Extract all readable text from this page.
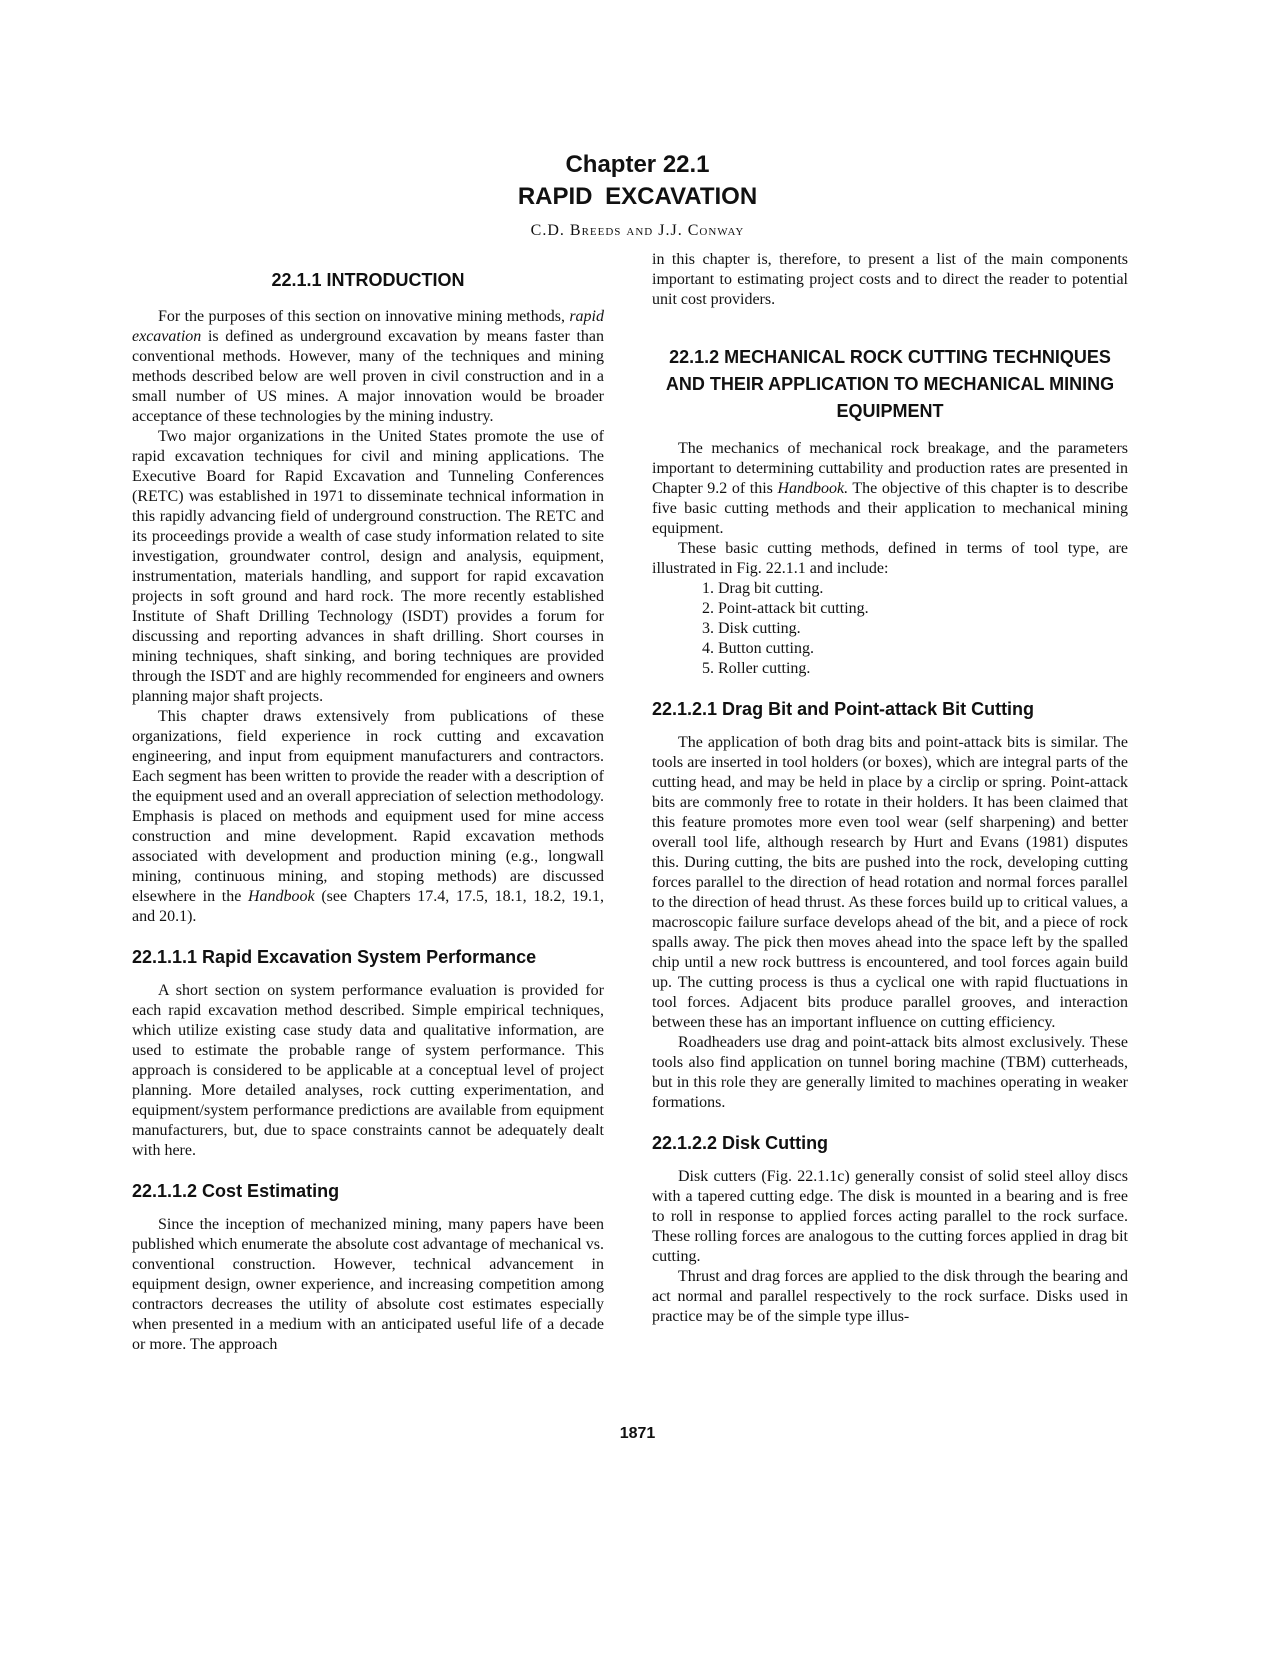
Chapter 22.1
RAPID EXCAVATION
C.D. Breeds and J.J. Conway
22.1.1 INTRODUCTION

For the purposes of this section on innovative mining methods, rapid excavation is defined as underground excavation by means faster than conventional methods. However, many of the techniques and mining methods described below are well proven in civil construction and in a small number of US mines. A major innovation would be broader acceptance of these technologies by the mining industry.

Two major organizations in the United States promote the use of rapid excavation techniques for civil and mining applications. The Executive Board for Rapid Excavation and Tunneling Conferences (RETC) was established in 1971 to disseminate technical information in this rapidly advancing field of underground construction. The RETC and its proceedings provide a wealth of case study information related to site investigation, groundwater control, design and analysis, equipment, instrumentation, materials handling, and support for rapid excavation projects in soft ground and hard rock. The more recently established Institute of Shaft Drilling Technology (ISDT) provides a forum for discussing and reporting advances in shaft drilling. Short courses in mining techniques, shaft sinking, and boring techniques are provided through the ISDT and are highly recommended for engineers and owners planning major shaft projects.

This chapter draws extensively from publications of these organizations, field experience in rock cutting and excavation engineering, and input from equipment manufacturers and contractors. Each segment has been written to provide the reader with a description of the equipment used and an overall appreciation of selection methodology. Emphasis is placed on methods and equipment used for mine access construction and mine development. Rapid excavation methods associated with development and production mining (e.g., longwall mining, continuous mining, and stoping methods) are discussed elsewhere in the Handbook (see Chapters 17.4, 17.5, 18.1, 18.2, 19.1, and 20.1).

22.1.1.1 Rapid Excavation System Performance

A short section on system performance evaluation is provided for each rapid excavation method described. Simple empirical techniques, which utilize existing case study data and qualitative information, are used to estimate the probable range of system performance. This approach is considered to be applicable at a conceptual level of project planning. More detailed analyses, rock cutting experimentation, and equipment/system performance predictions are available from equipment manufacturers, but, due to space constraints cannot be adequately dealt with here.

22.1.1.2 Cost Estimating

Since the inception of mechanized mining, many papers have been published which enumerate the absolute cost advantage of mechanical vs. conventional construction. However, technical advancement in equipment design, owner experience, and increasing competition among contractors decreases the utility of absolute cost estimates especially when presented in a medium with an anticipated useful life of a decade or more. The approach

in this chapter is, therefore, to present a list of the main components important to estimating project costs and to direct the reader to potential unit cost providers.

22.1.2 MECHANICAL ROCK CUTTING TECHNIQUES AND THEIR APPLICATION TO MECHANICAL MINING EQUIPMENT

The mechanics of mechanical rock breakage, and the parameters important to determining cuttability and production rates are presented in Chapter 9.2 of this Handbook. The objective of this chapter is to describe five basic cutting methods and their application to mechanical mining equipment.

These basic cutting methods, defined in terms of tool type, are illustrated in Fig. 22.1.1 and include:

1. Drag bit cutting.
2. Point-attack bit cutting.
3. Disk cutting.
4. Button cutting.
5. Roller cutting.
22.1.2.1 Drag Bit and Point-attack Bit Cutting

The application of both drag bits and point-attack bits is similar. The tools are inserted in tool holders (or boxes), which are integral parts of the cutting head, and may be held in place by a circlip or spring. Point-attack bits are commonly free to rotate in their holders. It has been claimed that this feature promotes more even tool wear (self sharpening) and better overall tool life, although research by Hurt and Evans (1981) disputes this. During cutting, the bits are pushed into the rock, developing cutting forces parallel to the direction of head rotation and normal forces parallel to the direction of head thrust. As these forces build up to critical values, a macroscopic failure surface develops ahead of the bit, and a piece of rock spalls away. The pick then moves ahead into the space left by the spalled chip until a new rock buttress is encountered, and tool forces again build up. The cutting process is thus a cyclical one with rapid fluctuations in tool forces. Adjacent bits produce parallel grooves, and interaction between these has an important influence on cutting efficiency.

Roadheaders use drag and point-attack bits almost exclusively. These tools also find application on tunnel boring machine (TBM) cutterheads, but in this role they are generally limited to machines operating in weaker formations.

22.1.2.2 Disk Cutting

Disk cutters (Fig. 22.1.1c) generally consist of solid steel alloy discs with a tapered cutting edge. The disk is mounted in a bearing and is free to roll in response to applied forces acting parallel to the rock surface. These rolling forces are analogous to the cutting forces applied in drag bit cutting.

Thrust and drag forces are applied to the disk through the bearing and act normal and parallel respectively to the rock surface. Disks used in practice may be of the simple type illus-

1871
